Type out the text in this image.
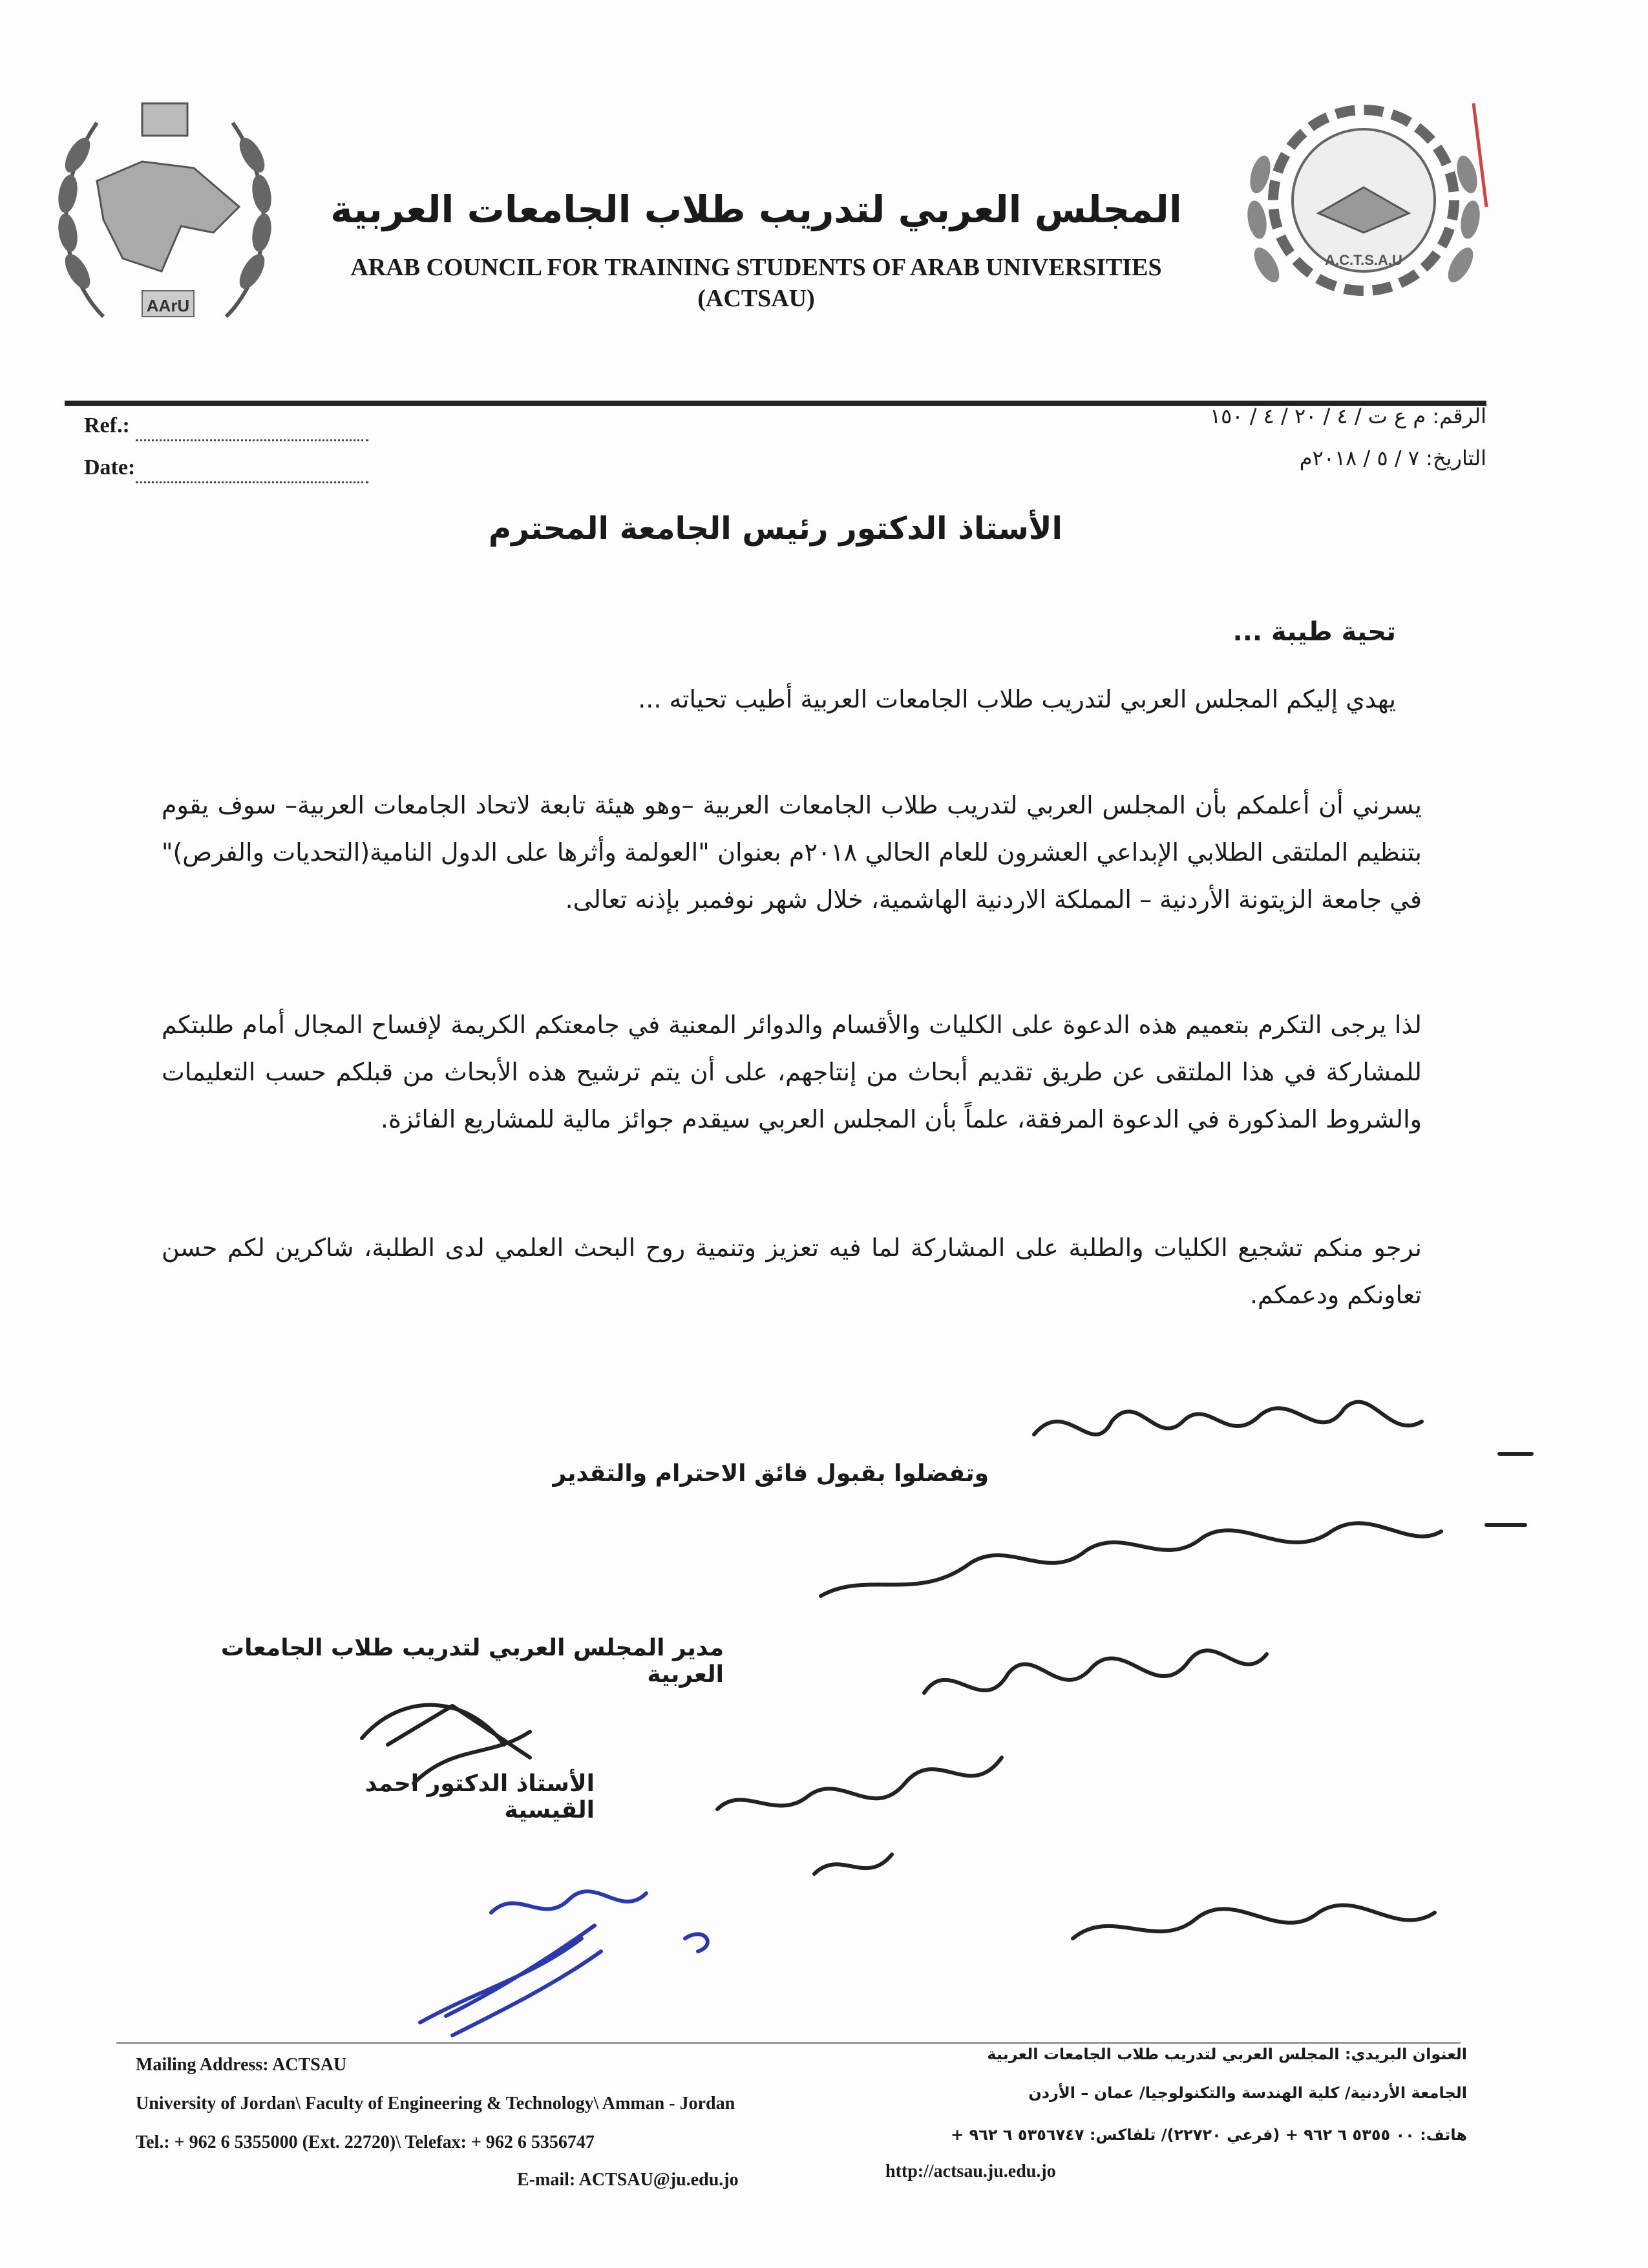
AArU
A.C.T.S.A.U
المجلس العربي لتدريب طلاب الجامعات العربية
ARAB COUNCIL FOR TRAINING STUDENTS OF ARAB UNIVERSITIES
(ACTSAU)
Ref.:
Date:
الرقم: م ع ت / ٤ / ٢٠ / ٤ / ١٥٠
التاريخ: ٧ / ٥ / ٢٠١٨م
الأستاذ الدكتور رئيس الجامعة المحترم
تحية طيبة ...
يهدي إليكم المجلس العربي لتدريب طلاب الجامعات العربية أطيب تحياته ...
يسرني أن أعلمكم بأن المجلس العربي لتدريب طلاب الجامعات العربية –وهو هيئة تابعة لاتحاد الجامعات العربية– سوف يقوم بتنظيم الملتقى الطلابي الإبداعي العشرون للعام الحالي ٢٠١٨م بعنوان "العولمة وأثرها على الدول النامية(التحديات والفرص)" في جامعة الزيتونة الأردنية – المملكة الاردنية الهاشمية، خلال شهر نوفمبر بإذنه تعالى.
لذا يرجى التكرم بتعميم هذه الدعوة على الكليات والأقسام والدوائر المعنية في جامعتكم الكريمة لإفساح المجال أمام طلبتكم للمشاركة في هذا الملتقى عن طريق تقديم أبحاث من إنتاجهم، على أن يتم ترشيح هذه الأبحاث من قبلكم حسب التعليمات والشروط المذكورة في الدعوة المرفقة، علماً بأن المجلس العربي سيقدم جوائز مالية للمشاريع الفائزة.
نرجو منكم تشجيع الكليات والطلبة على المشاركة لما فيه تعزيز وتنمية روح البحث العلمي لدى الطلبة، شاكرين لكم حسن تعاونكم ودعمكم.
وتفضلوا بقبول فائق الاحترام والتقدير
مدير المجلس العربي لتدريب طلاب الجامعات العربية
الأستاذ الدكتور احمد القيسية
Mailing Address: ACTSAU
University of Jordan\ Faculty of Engineering & Technology\ Amman - Jordan
Tel.: + 962 6 5355000 (Ext. 22720)\ Telefax: + 962 6 5356747
E-mail: ACTSAU@ju.edu.jo	http://actsau.ju.edu.jo
العنوان البريدي: المجلس العربي لتدريب طلاب الجامعات العربية
الجامعة الأردنية/ كلية الهندسة والتكنولوجيا/ عمان – الأردن
هاتف: ٠٠ ٥٣٥٥ ٦ ٩٦٢ + (فرعي ٢٢٧٢٠)/ تلفاكس: ٥٣٥٦٧٤٧ ٦ ٩٦٢ +
